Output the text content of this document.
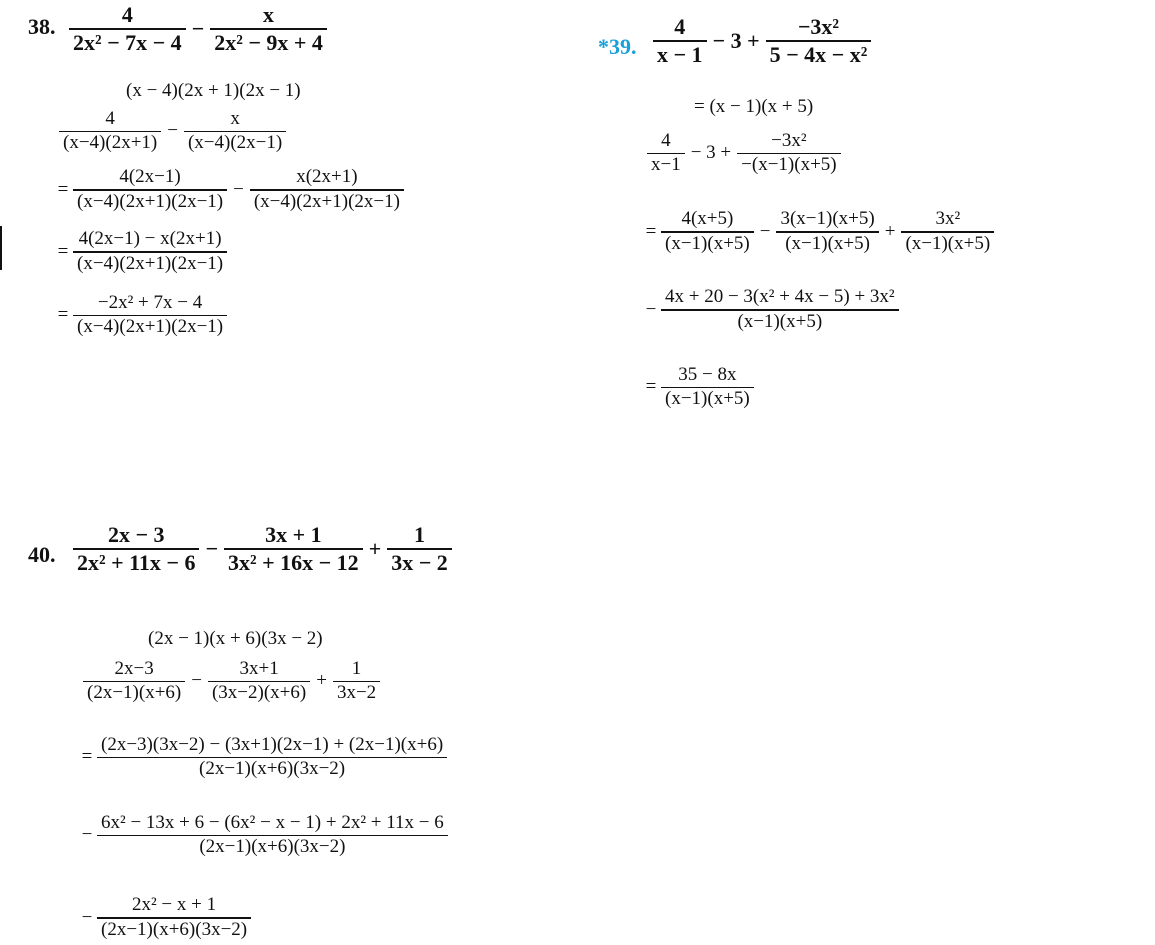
38. $\frac{4}{\text{2x² − 7x − 4}} - \frac{x}{\text{2x² − 9x + 4}}$
(x − 4)(2x + 1)(2x − 1)
$\frac{4}{(x-4)(2x+1)} - \frac{x}{(x-4)(2x-1)}$
= $\frac{4(2x-1)}{(x-4)(2x+1)(2x-1)} - \frac{x(2x+1)}{(x-4)(2x+1)(2x-1)}$
= $\frac{4(2x-1) - x(2x+1)}{(x-4)(2x+1)(2x-1)}$
= $\frac{\text{−2x² + 7x − 4}}{(x-4)(2x+1)(2x-1)}$
*39. $\frac{4}{x - 1} - 3 + \frac{\text{−3x²}}{\text{5 − 4x − x²}}$
= (x − 1)(x + 5)
$\frac{4}{x-1} - 3 + \frac{\text{−3x²}}{-(x-1)(x+5)}$
= $\frac{4(x+5)}{(x-1)(x+5)} - \frac{3(x-1)(x+5)}{(x-1)(x+5)} + \frac{\text{3x²}}{(x-1)(x+5)}$
− $\frac{\text{4x + 20 − 3(x² + 4x − 5) + 3x²}}{(x-1)(x+5)}$
= $\frac{35 - 8x}{(x-1)(x+5)}$
40. $\frac{2x - 3}{\text{2x² + 11x − 6}} - \frac{3x + 1}{\text{3x² + 16x − 12}} + \frac{1}{3x - 2}$
(2x − 1)(x + 6)(3x − 2)
$\frac{2x-3}{(2x-1)(x+6)} - \frac{3x+1}{(3x-2)(x+6)} + \frac{1}{3x-2}$
= $\frac{(2x-3)(3x-2) - (3x+1)(2x-1) + (2x-1)(x+6)}{(2x-1)(x+6)(3x-2)}$
− $\frac{\text{6x² − 13x + 6 − (6x² − x − 1) + 2x² + 11x − 6}}{(2x-1)(x+6)(3x-2)}$
− $\frac{\text{2x² − x + 1}}{(2x-1)(x+6)(3x-2)}$
